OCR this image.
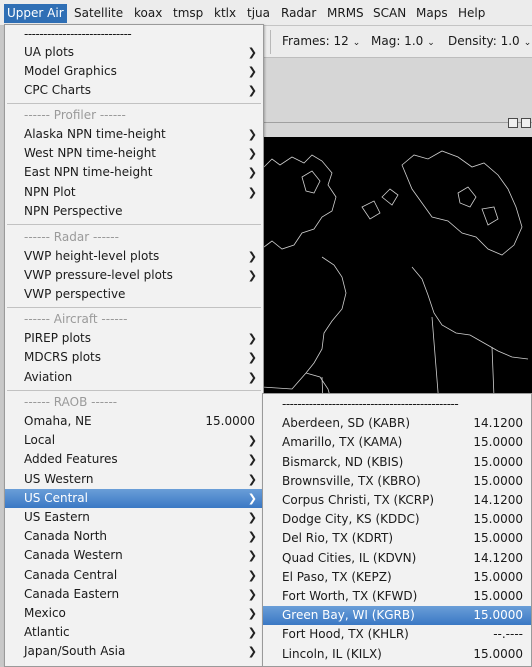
Upper Air Satellite koax tmsp ktlx tjua Radar MRMS SCAN Maps Help
Frames: 12 ⌄ Mag: 1.0 ⌄ Density: 1.0 ⌄
----------------------------
UA plots	❯
Model Graphics	❯
CPC Charts	❯
------ Profiler ------
Alaska NPN time-height	❯
West NPN time-height	❯
East NPN time-height	❯
NPN Plot	❯
NPN Perspective
------ Radar ------
VWP height-level plots	❯
VWP pressure-level plots	❯
VWP perspective
------ Aircraft ------
PIREP plots	❯
MDCRS plots	❯
Aviation	❯
------ RAOB ------
Omaha, NE	15.0000
Local	❯
Added Features	❯
US Western	❯
US Central	❯
US Eastern	❯
Canada North	❯
Canada Western	❯
Canada Central	❯
Canada Eastern	❯
Mexico	❯
Atlantic	❯
Japan/South Asia	❯
----------------------------------------------
Aberdeen, SD (KABR)	14.1200
Amarillo, TX (KAMA)	15.0000
Bismarck, ND (KBIS)	15.0000
Brownsville, TX (KBRO)	15.0000
Corpus Christi, TX (KCRP)	14.1200
Dodge City, KS (KDDC)	15.0000
Del Rio, TX (KDRT)	15.0000
Quad Cities, IL (KDVN)	14.1200
El Paso, TX (KEPZ)	15.0000
Fort Worth, TX (KFWD)	15.0000
Green Bay, WI (KGRB)	15.0000
Fort Hood, TX (KHLR)	--.----
Lincoln, IL (KILX)	15.0000
